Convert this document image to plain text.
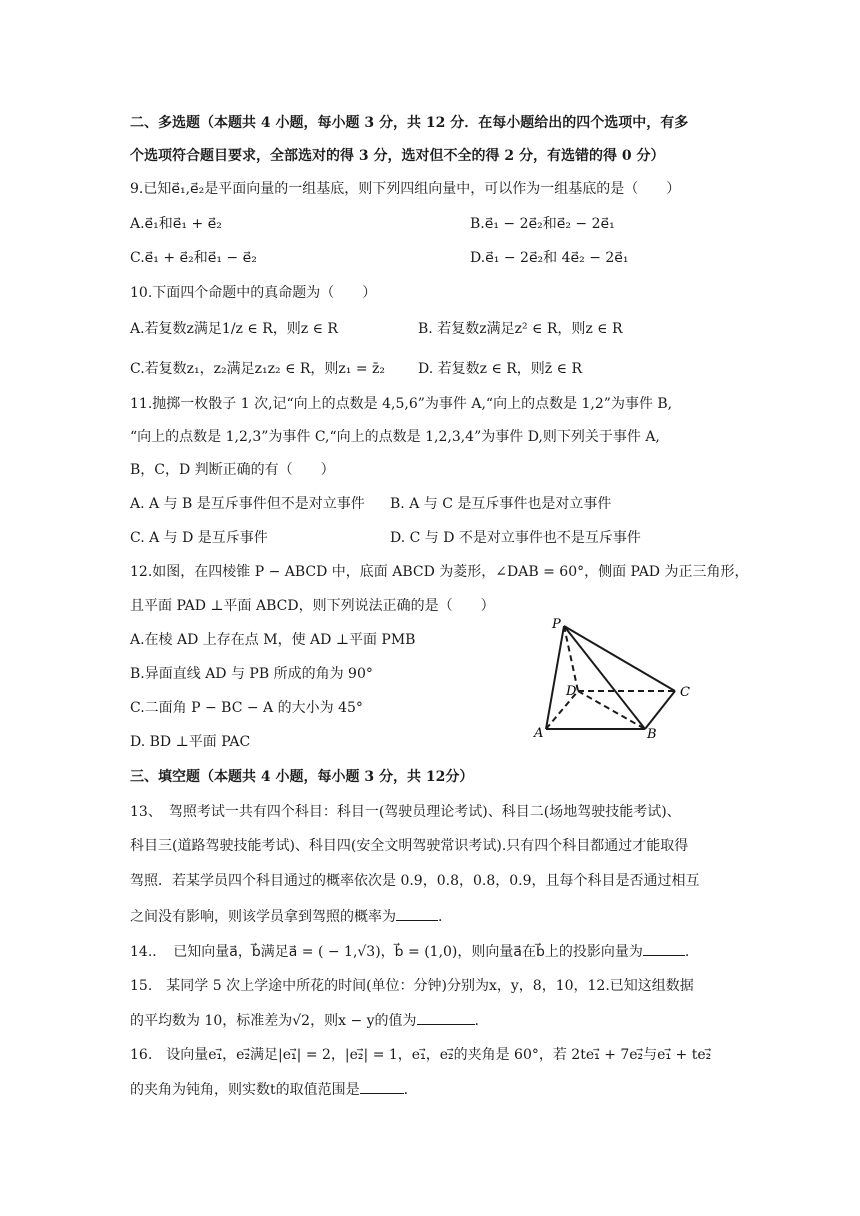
二、多选题（本题共 4 小题，每小题 3 分，共 12 分．在每小题给出的四个选项中，有多
个选项符合题目要求，全部选对的得 3 分，选对但不全的得 2 分，有选错的得 0 分）
9.已知e⃗₁,e⃗₂是平面向量的一组基底，则下列四组向量中，可以作为一组基底的是（　　）
A.e⃗₁和e⃗₁ + e⃗₂	B.e⃗₁ − 2e⃗₂和e⃗₂ − 2e⃗₁
C.e⃗₁ + e⃗₂和e⃗₁ − e⃗₂	D.e⃗₁ − 2e⃗₂和 4e⃗₂ − 2e⃗₁
10.下面四个命题中的真命题为（　　）
A.若复数z满足1/z ∈ R，则z ∈ R	B. 若复数z满足z² ∈ R，则z ∈ R
C.若复数z₁，z₂满足z₁z₂ ∈ R，则z₁ = z̄₂ D. 若复数z ∈ R，则z̄ ∈ R
11.抛掷一枚骰子 1 次,记“向上的点数是 4,5,6”为事件 A,“向上的点数是 1,2”为事件 B,
“向上的点数是 1,2,3”为事件 C,“向上的点数是 1,2,3,4”为事件 D,则下列关于事件 A,
B，C，D 判断正确的有（　　）
A. A 与 B 是互斥事件但不是对立事件 B. A 与 C 是互斥事件也是对立事件
C. A 与 D 是互斥事件	D. C 与 D 不是对立事件也不是互斥事件
12.如图，在四棱锥 P − ABCD 中，底面 ABCD 为菱形，∠DAB = 60°，侧面 PAD 为正三角形，
且平面 PAD ⊥平面 ABCD，则下列说法正确的是（　　）
A.在棱 AD 上存在点 M，使 AD ⊥平面 PMB
B.异面直线 AD 与 PB 所成的角为 90°
C.二面角 P − BC − A 的大小为 45°
D. BD ⊥平面 PAC
P
D	C
A	B
三、填空题（本题共 4 小题，每小题 3 分，共 12分）
13、　驾照考试一共有四个科目：科目一(驾驶员理论考试)、科目二(场地驾驶技能考试)、
科目三(道路驾驶技能考试)、科目四(安全文明驾驶常识考试).只有四个科目都通过才能取得
驾照．若某学员四个科目通过的概率依次是 0.9，0.8，0.8，0.9，且每个科目是否通过相互
之间没有影响，则该学员拿到驾照的概率为	.
14.．　已知向量a⃗，b⃗满足a⃗ = ( − 1,√3)，b⃗ = (1,0)，则向量a⃗在b⃗上的投影向量为	.
15.　某同学 5 次上学途中所花的时间(单位：分钟)分别为x，y，8，10，12.已知这组数据
的平均数为 10，标准差为√2，则x − y的值为	.
16.　设向量e₁⃗，e₂⃗满足|e₁⃗| = 2，|e₂⃗| = 1，e₁⃗，e₂⃗的夹角是 60°，若 2te₁⃗ + 7e₂⃗与e₁⃗ + te₂⃗
的夹角为钝角，则实数t的取值范围是	.
